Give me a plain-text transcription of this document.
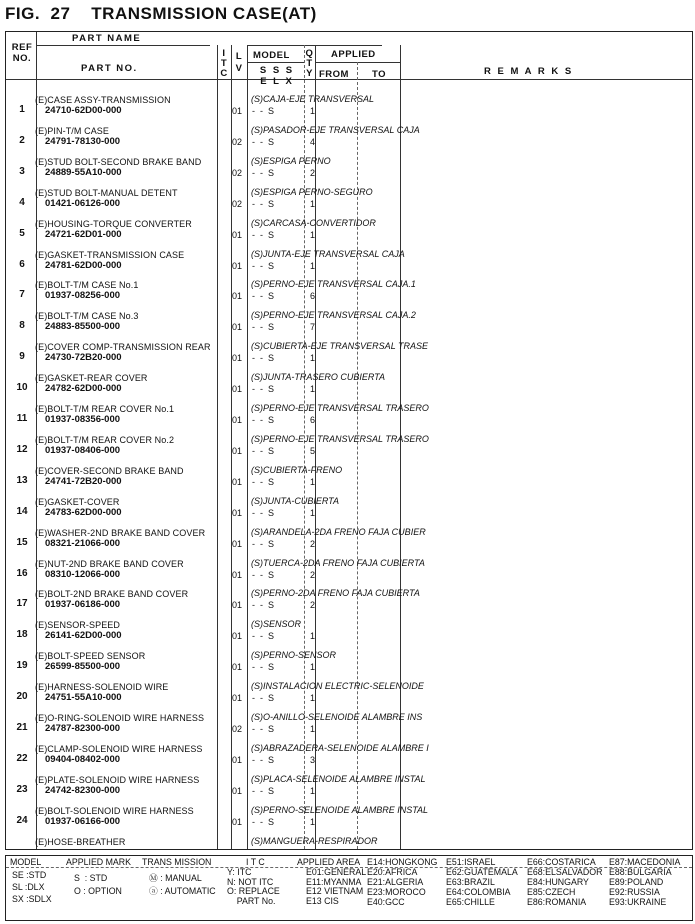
FIG.  27    TRANSMISSION CASE(AT)
REF
NO.
PART NAME
PART NO.
I
T
C
L
V
MODEL
S S S
E L X
Q
T
Y
APPLIED
FROM TO	R E M A R K S
1
(E)CASE ASSY-TRANSMISSION
24710-62D00-000	01 -  -  S	1
(S)CAJA-EJE TRANSVERSAL
2
(E)PIN-T/M CASE
24791-78130-000	02 -  -  S	4
(S)PASADOR-EJE TRANSVERSAL CAJA
3
(E)STUD BOLT-SECOND BRAKE BAND
24889-55A10-000	02 -  -  S	2
(S)ESPIGA PERNO
4
(E)STUD BOLT-MANUAL DETENT
01421-06126-000	02 -  -  S	1
(S)ESPIGA PERNO-SEGURO
5
(E)HOUSING-TORQUE CONVERTER
24721-62D01-000	01 -  -  S	1
(S)CARCASA-CONVERTIDOR
6
(E)GASKET-TRANSMISSION CASE
24781-62D00-000	01 -  -  S	1
(S)JUNTA-EJE TRANSVERSAL CAJA
7
(E)BOLT-T/M CASE No.1
01937-08256-000	01 -  -  S	6
(S)PERNO-EJE TRANSVERSAL CAJA.1
8
(E)BOLT-T/M CASE No.3
24883-85500-000	01 -  -  S	7
(S)PERNO-EJE TRANSVERSAL CAJA.2
9
(E)COVER COMP-TRANSMISSION REAR
24730-72B20-000	01 -  -  S	1
(S)CUBIERTA-EJE TRANSVERSAL TRASE
10
(E)GASKET-REAR COVER
24782-62D00-000	01 -  -  S	1
(S)JUNTA-TRASERO CUBIERTA
11
(E)BOLT-T/M REAR COVER No.1
01937-08356-000	01 -  -  S	6
(S)PERNO-EJE TRANSVERSAL TRASERO
12
(E)BOLT-T/M REAR COVER No.2
01937-08406-000	01 -  -  S	5
(S)PERNO-EJE TRANSVERSAL TRASERO
13
(E)COVER-SECOND BRAKE BAND
24741-72B20-000	01 -  -  S	1
(S)CUBIERTA-FRENO
14
(E)GASKET-COVER
24783-62D00-000	01 -  -  S	1
(S)JUNTA-CUBIERTA
15
(E)WASHER-2ND BRAKE BAND COVER
08321-21066-000	01 -  -  S	2
(S)ARANDELA-2DA FRENO FAJA CUBIER
16
(E)NUT-2ND BRAKE BAND COVER
08310-12066-000	01 -  -  S	2
(S)TUERCA-2DA FRENO FAJA CUBIERTA
17
(E)BOLT-2ND BRAKE BAND COVER
01937-06186-000	01 -  -  S	2
(S)PERNO-2DA FRENO FAJA CUBIERTA
18
(E)SENSOR-SPEED
26141-62D00-000	01 -  -  S	1
(S)SENSOR
19
(E)BOLT-SPEED SENSOR
26599-85500-000	01 -  -  S	1
(S)PERNO-SENSOR
20
(E)HARNESS-SOLENOID WIRE
24751-55A10-000	01 -  -  S	1
(S)INSTALACION ELECTRIC-SELENOIDE
21
(E)O-RING-SOLENOID WIRE HARNESS
24787-82300-000	02 -  -  S	1
(S)O-ANILLO-SELENOIDE ALAMBRE INS
22
(E)CLAMP-SOLENOID WIRE HARNESS
09404-08402-000	01 -  -  S	3
(S)ABRAZADERA-SELENOIDE ALAMBRE I
23
(E)PLATE-SOLENOID WIRE HARNESS
24742-82300-000	01 -  -  S	1
(S)PLACA-SELENOIDE ALAMBRE INSTAL
24
(E)BOLT-SOLENOID WIRE HARNESS
01937-06166-000	01 -  -  S	1
(S)PERNO-SELENOIDE ALAMBRE INSTAL
(E)HOSE-BREATHER	(S)MANGUERA-RESPIRADOR
MODEL	APPLIED MARK TRANS MISSION	I T C	APPLIED AREA
SE :STD
SL :DLX
SX :SDLX
S  : STD
O : OPTION
Ⓜ : MANUAL
ⓐ : AUTOMATIC
Y: ITC
N: NOT ITC
O: REPLACE
PART No.
E01:GENERAL
E11:MYANMA
E12 VIETNAM
E13 CIS
E14:HONGKONG
E20:AFRICA
E21:ALGERIA
E23:MOROCO
E40:GCC
E51:ISRAEL
E62:GUATEMALA
E63:BRAZIL
E64:COLOMBIA
E65:CHILLE
E66:COSTARICA
E68:ELSALVADOR
E84:HUNGARY
E85:CZECH
E86:ROMANIA
E87:MACEDONIA
E88:BULGARIA
E89:POLAND
E92:RUSSIA
E93:UKRAINE
